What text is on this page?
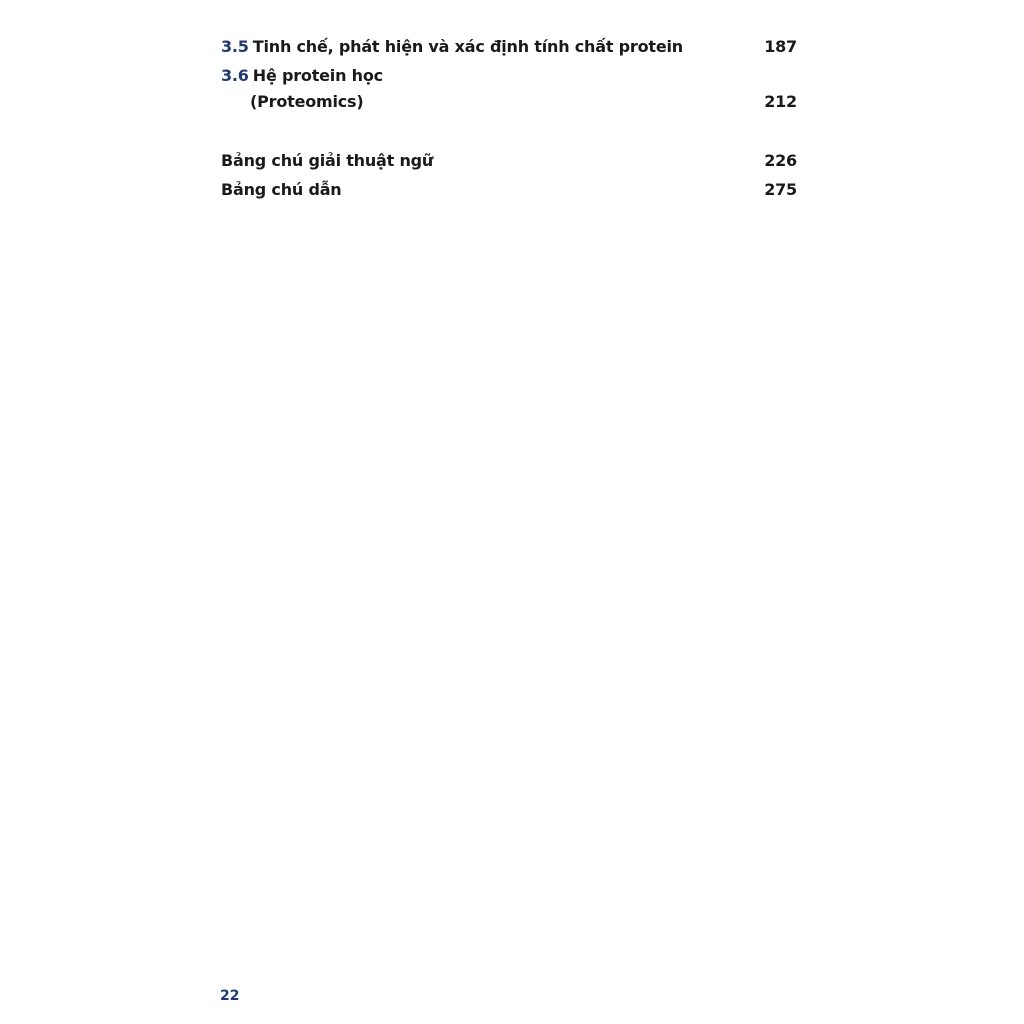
3.5 Tinh chế, phát hiện và xác định tính chất protein	187
3.6 Hệ protein học
(Proteomics)	212
Bảng chú giải thuật ngữ	226
Bảng chú dẫn	275
22
